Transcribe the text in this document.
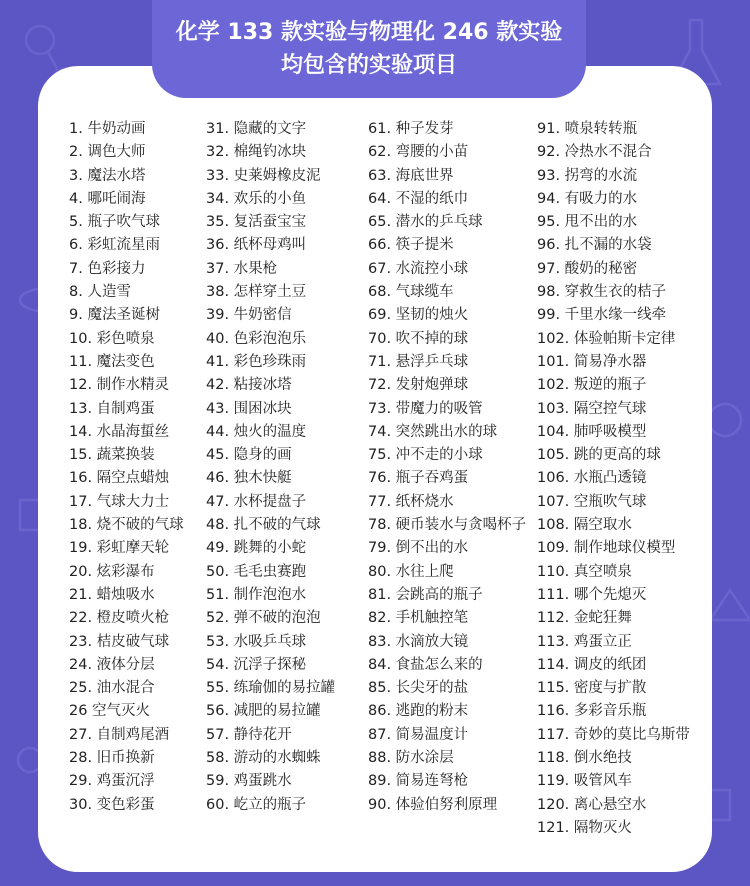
化学 133 款实验与物理化 246 款实验
均包含的实验项目
1. 牛奶动画
2. 调色大师
3. 魔法水塔
4. 哪吒闹海
5. 瓶子吹气球
6. 彩虹流星雨
7. 色彩接力
8. 人造雪
9. 魔法圣诞树
10. 彩色喷泉
11. 魔法变色
12. 制作水精灵
13. 自制鸡蛋
14. 水晶海蜇丝
15. 蔬菜换装
16. 隔空点蜡烛
17. 气球大力士
18. 烧不破的气球
19. 彩虹摩天轮
20. 炫彩瀑布
21. 蜡烛吸水
22. 橙皮喷火枪
23. 桔皮破气球
24. 液体分层
25. 油水混合
26 空气灭火
27. 自制鸡尾酒
28. 旧币换新
29. 鸡蛋沉浮
30. 变色彩蛋
31. 隐藏的文字
32. 棉绳钓冰块
33. 史莱姆橡皮泥
34. 欢乐的小鱼
35. 复活蚕宝宝
36. 纸杯母鸡叫
37. 水果枪
38. 怎样穿土豆
39. 牛奶密信
40. 色彩泡泡乐
41. 彩色珍珠雨
42. 粘接冰塔
43. 围困冰块
44. 烛火的温度
45. 隐身的画
46. 独木快艇
47. 水杯提盘子
48. 扎不破的气球
49. 跳舞的小蛇
50. 毛毛虫赛跑
51. 制作泡泡水
52. 弹不破的泡泡
53. 水吸乒乓球
54. 沉浮子探秘
55. 练瑜伽的易拉罐
56. 减肥的易拉罐
57. 静待花开
58. 游动的水蜘蛛
59. 鸡蛋跳水
60. 屹立的瓶子
61. 种子发芽
62. 弯腰的小苗
63. 海底世界
64. 不湿的纸巾
65. 潜水的乒乓球
66. 筷子提米
67. 水流控小球
68. 气球缆车
69. 坚韧的烛火
70. 吹不掉的球
71. 悬浮乒乓球
72. 发射炮弹球
73. 带魔力的吸管
74. 突然跳出水的球
75. 冲不走的小球
76. 瓶子吞鸡蛋
77. 纸杯烧水
78. 硬币装水与贪喝杯子
79. 倒不出的水
80. 水往上爬
81. 会跳高的瓶子
82. 手机触控笔
83. 水滴放大镜
84. 食盐怎么来的
85. 长尖牙的盐
86. 逃跑的粉末
87. 简易温度计
88. 防水涂层
89. 简易连弩枪
90. 体验伯努利原理
91. 喷泉转转瓶
92. 冷热水不混合
93. 拐弯的水流
94. 有吸力的水
95. 甩不出的水
96. 扎不漏的水袋
97. 酸奶的秘密
98. 穿救生衣的桔子
99. 千里水缘一线牵
102. 体验帕斯卡定律
101. 简易净水器
102. 叛逆的瓶子
103. 隔空控气球
104. 肺呼吸模型
105. 跳的更高的球
106. 水瓶凸透镜
107. 空瓶吹气球
108. 隔空取水
109. 制作地球仪模型
110. 真空喷泉
111. 哪个先熄灭
112. 金蛇狂舞
113. 鸡蛋立正
114. 调皮的纸团
115. 密度与扩散
116. 多彩音乐瓶
117. 奇妙的莫比乌斯带
118. 倒水绝技
119. 吸管风车
120. 离心悬空水
121. 隔物灭火
